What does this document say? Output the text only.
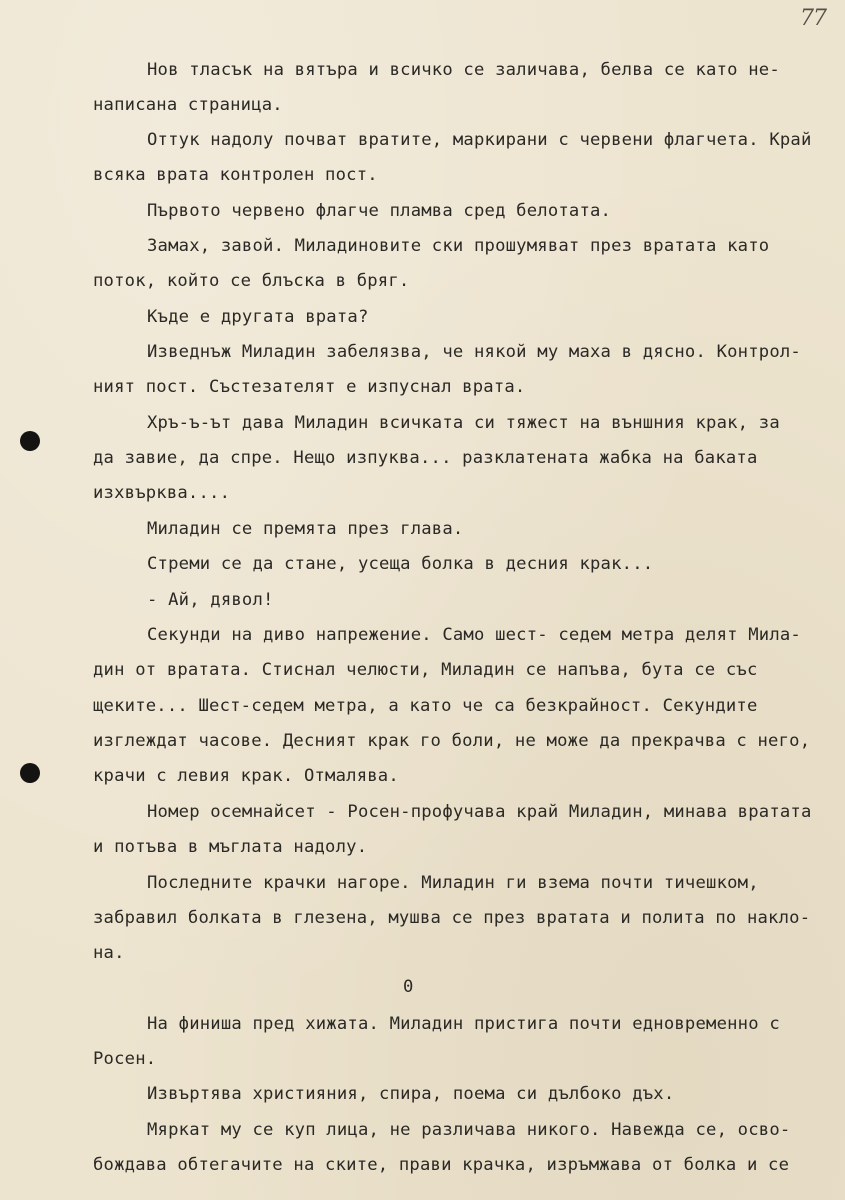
77
Нов тласък на вятъра и всичко се заличава, белва се като не-
написана страница.
Оттук надолу почват вратите, маркирани с червени флагчета. Край
всяка врата контролен пост.
Първото червено флагче пламва сред белотата.
Замах, завой. Миладиновите ски прошумяват през вратата като
поток, който се блъска в бряг.
Къде е другата врата?
Изведнъж Миладин забелязва, че някой му маха в дясно. Контрол-
ният пост. Състезателят е изпуснал врата.
Хръ-ъ-ът дава Миладин всичката си тяжест на външния крак, за
да завие, да спре. Нещо изпуква... разклатената жабка на баката
изхвърква....
Миладин се премята през глава.
Стреми се да стане, усеща болка в десния крак...
- Ай, дявол!
Секунди на диво напрежение. Само шест- седем метра делят Мила-
дин от вратата. Стиснал челюсти, Миладин се напъва, бута се със
щеките... Шест-седем метра, а като че са безкрайност. Секундите
изглеждат часове. Десният крак го боли, не може да прекрачва с него,
крачи с левия крак. Отмалява.
Номер осемнайсет - Росен-профучава край Миладин, минава вратата
и потъва в мъглата надолу.
Последните крачки нагоре. Миладин ги взема почти тичешком,
забравил болката в глезена, мушва се през вратата и полита по накло-
на.
0
На финиша пред хижата. Миладин пристига почти едновременно с
Росен.
Извъртява християния, спира, поема си дълбоко дъх.
Мяркат му се куп лица, не различава никого. Навежда се, осво-
бождава обтегачите на ските, прави крачка, изръмжава от болка и се
